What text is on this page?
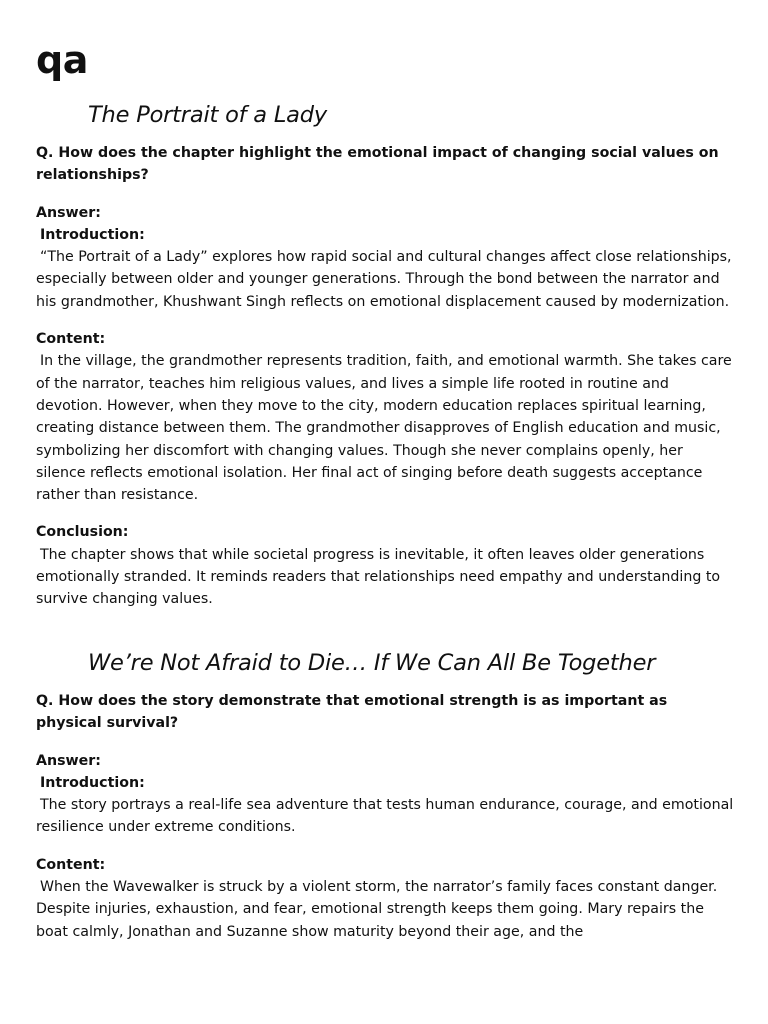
qa
The Portrait of a Lady

Q. How does the chapter highlight the emotional impact of changing social values on relationships?

Answer:

Introduction:

“The Portrait of a Lady” explores how rapid social and cultural changes affect close relationships, especially between older and younger generations. Through the bond between the narrator and his grandmother, Khushwant Singh reflects on emotional displacement caused by modernization.

Content:

In the village, the grandmother represents tradition, faith, and emotional warmth. She takes care of the narrator, teaches him religious values, and lives a simple life rooted in routine and devotion. However, when they move to the city, modern education replaces spiritual learning, creating distance between them. The grandmother disapproves of English education and music, symbolizing her discomfort with changing values. Though she never complains openly, her silence reflects emotional isolation. Her final act of singing before death suggests acceptance rather than resistance.

Conclusion:

The chapter shows that while societal progress is inevitable, it often leaves older generations emotionally stranded. It reminds readers that relationships need empathy and understanding to survive changing values.

We’re Not Afraid to Die… If We Can All Be Together

Q. How does the story demonstrate that emotional strength is as important as physical survival?

Answer:

Introduction:

The story portrays a real-life sea adventure that tests human endurance, courage, and emotional resilience under extreme conditions.

Content:

When the Wavewalker is struck by a violent storm, the narrator’s family faces constant danger. Despite injuries, exhaustion, and fear, emotional strength keeps them going. Mary repairs the boat calmly, Jonathan and Suzanne show maturity beyond their age, and the
